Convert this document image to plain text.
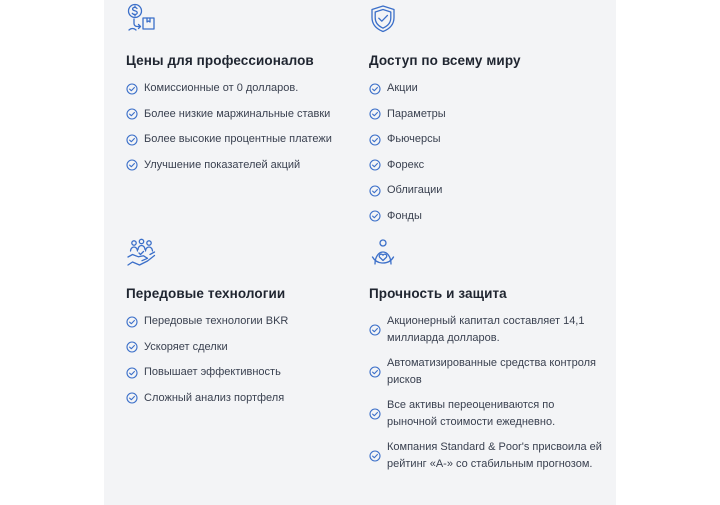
Цены для профессионалов
Комиссионные от 0 долларов.
Более низкие маржинальные ставки
Более высокие процентные платежи
Улучшение показателей акций
Доступ по всему миру
Акции
Параметры
Фьючерсы
Форекс
Облигации
Фонды
Передовые технологии
Передовые технологии BKR
Ускоряет сделки
Повышает эффективность
Сложный анализ портфеля
Прочность и защита
Акционерный капитал составляет 14,1 миллиарда долларов.
Автоматизированные средства контроля рисков
Все активы переоцениваются по рыночной стоимости ежедневно.
Компания Standard & Poor's присвоила ей рейтинг «A-» со стабильным прогнозом.
